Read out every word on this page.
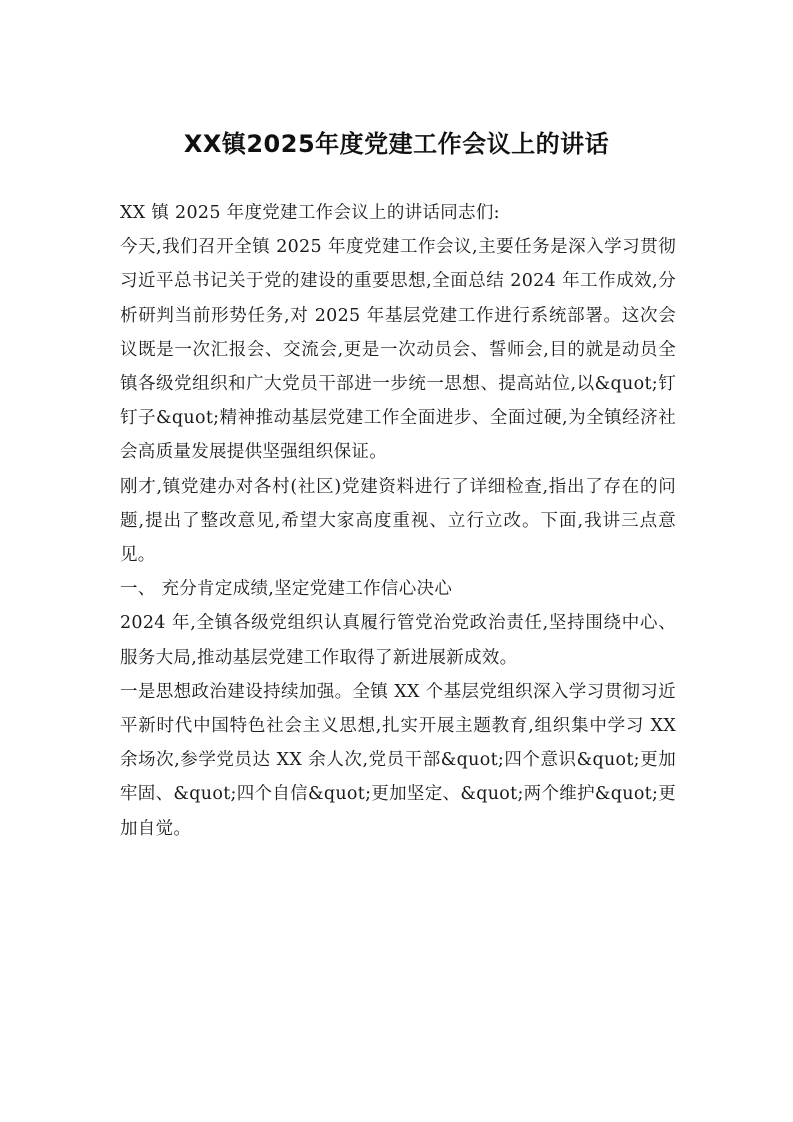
XX镇2025年度党建工作会议上的讲话

XX 镇 2025 年度党建工作会议上的讲话同志们:

今天,我们召开全镇 2025 年度党建工作会议,主要任务是深入学习贯彻习近平总书记关于党的建设的重要思想,全面总结 2024 年工作成效,分析研判当前形势任务,对 2025 年基层党建工作进行系统部署。这次会议既是一次汇报会、交流会,更是一次动员会、誓师会,目的就是动员全镇各级党组织和广大党员干部进一步统一思想、提高站位,以&quot;钉钉子&quot;精神推动基层党建工作全面进步、全面过硬,为全镇经济社会高质量发展提供坚强组织保证。

刚才,镇党建办对各村(社区)党建资料进行了详细检查,指出了存在的问题,提出了整改意见,希望大家高度重视、立行立改。下面,我讲三点意见。

一、 充分肯定成绩,坚定党建工作信心决心

2024 年,全镇各级党组织认真履行管党治党政治责任,坚持围绕中心、服务大局,推动基层党建工作取得了新进展新成效。

一是思想政治建设持续加强。全镇 XX 个基层党组织深入学习贯彻习近平新时代中国特色社会主义思想,扎实开展主题教育,组织集中学习 XX 余场次,参学党员达 XX 余人次,党员干部&quot;四个意识&quot;更加牢固、&quot;四个自信&quot;更加坚定、&quot;两个维护&quot;更加自觉。
